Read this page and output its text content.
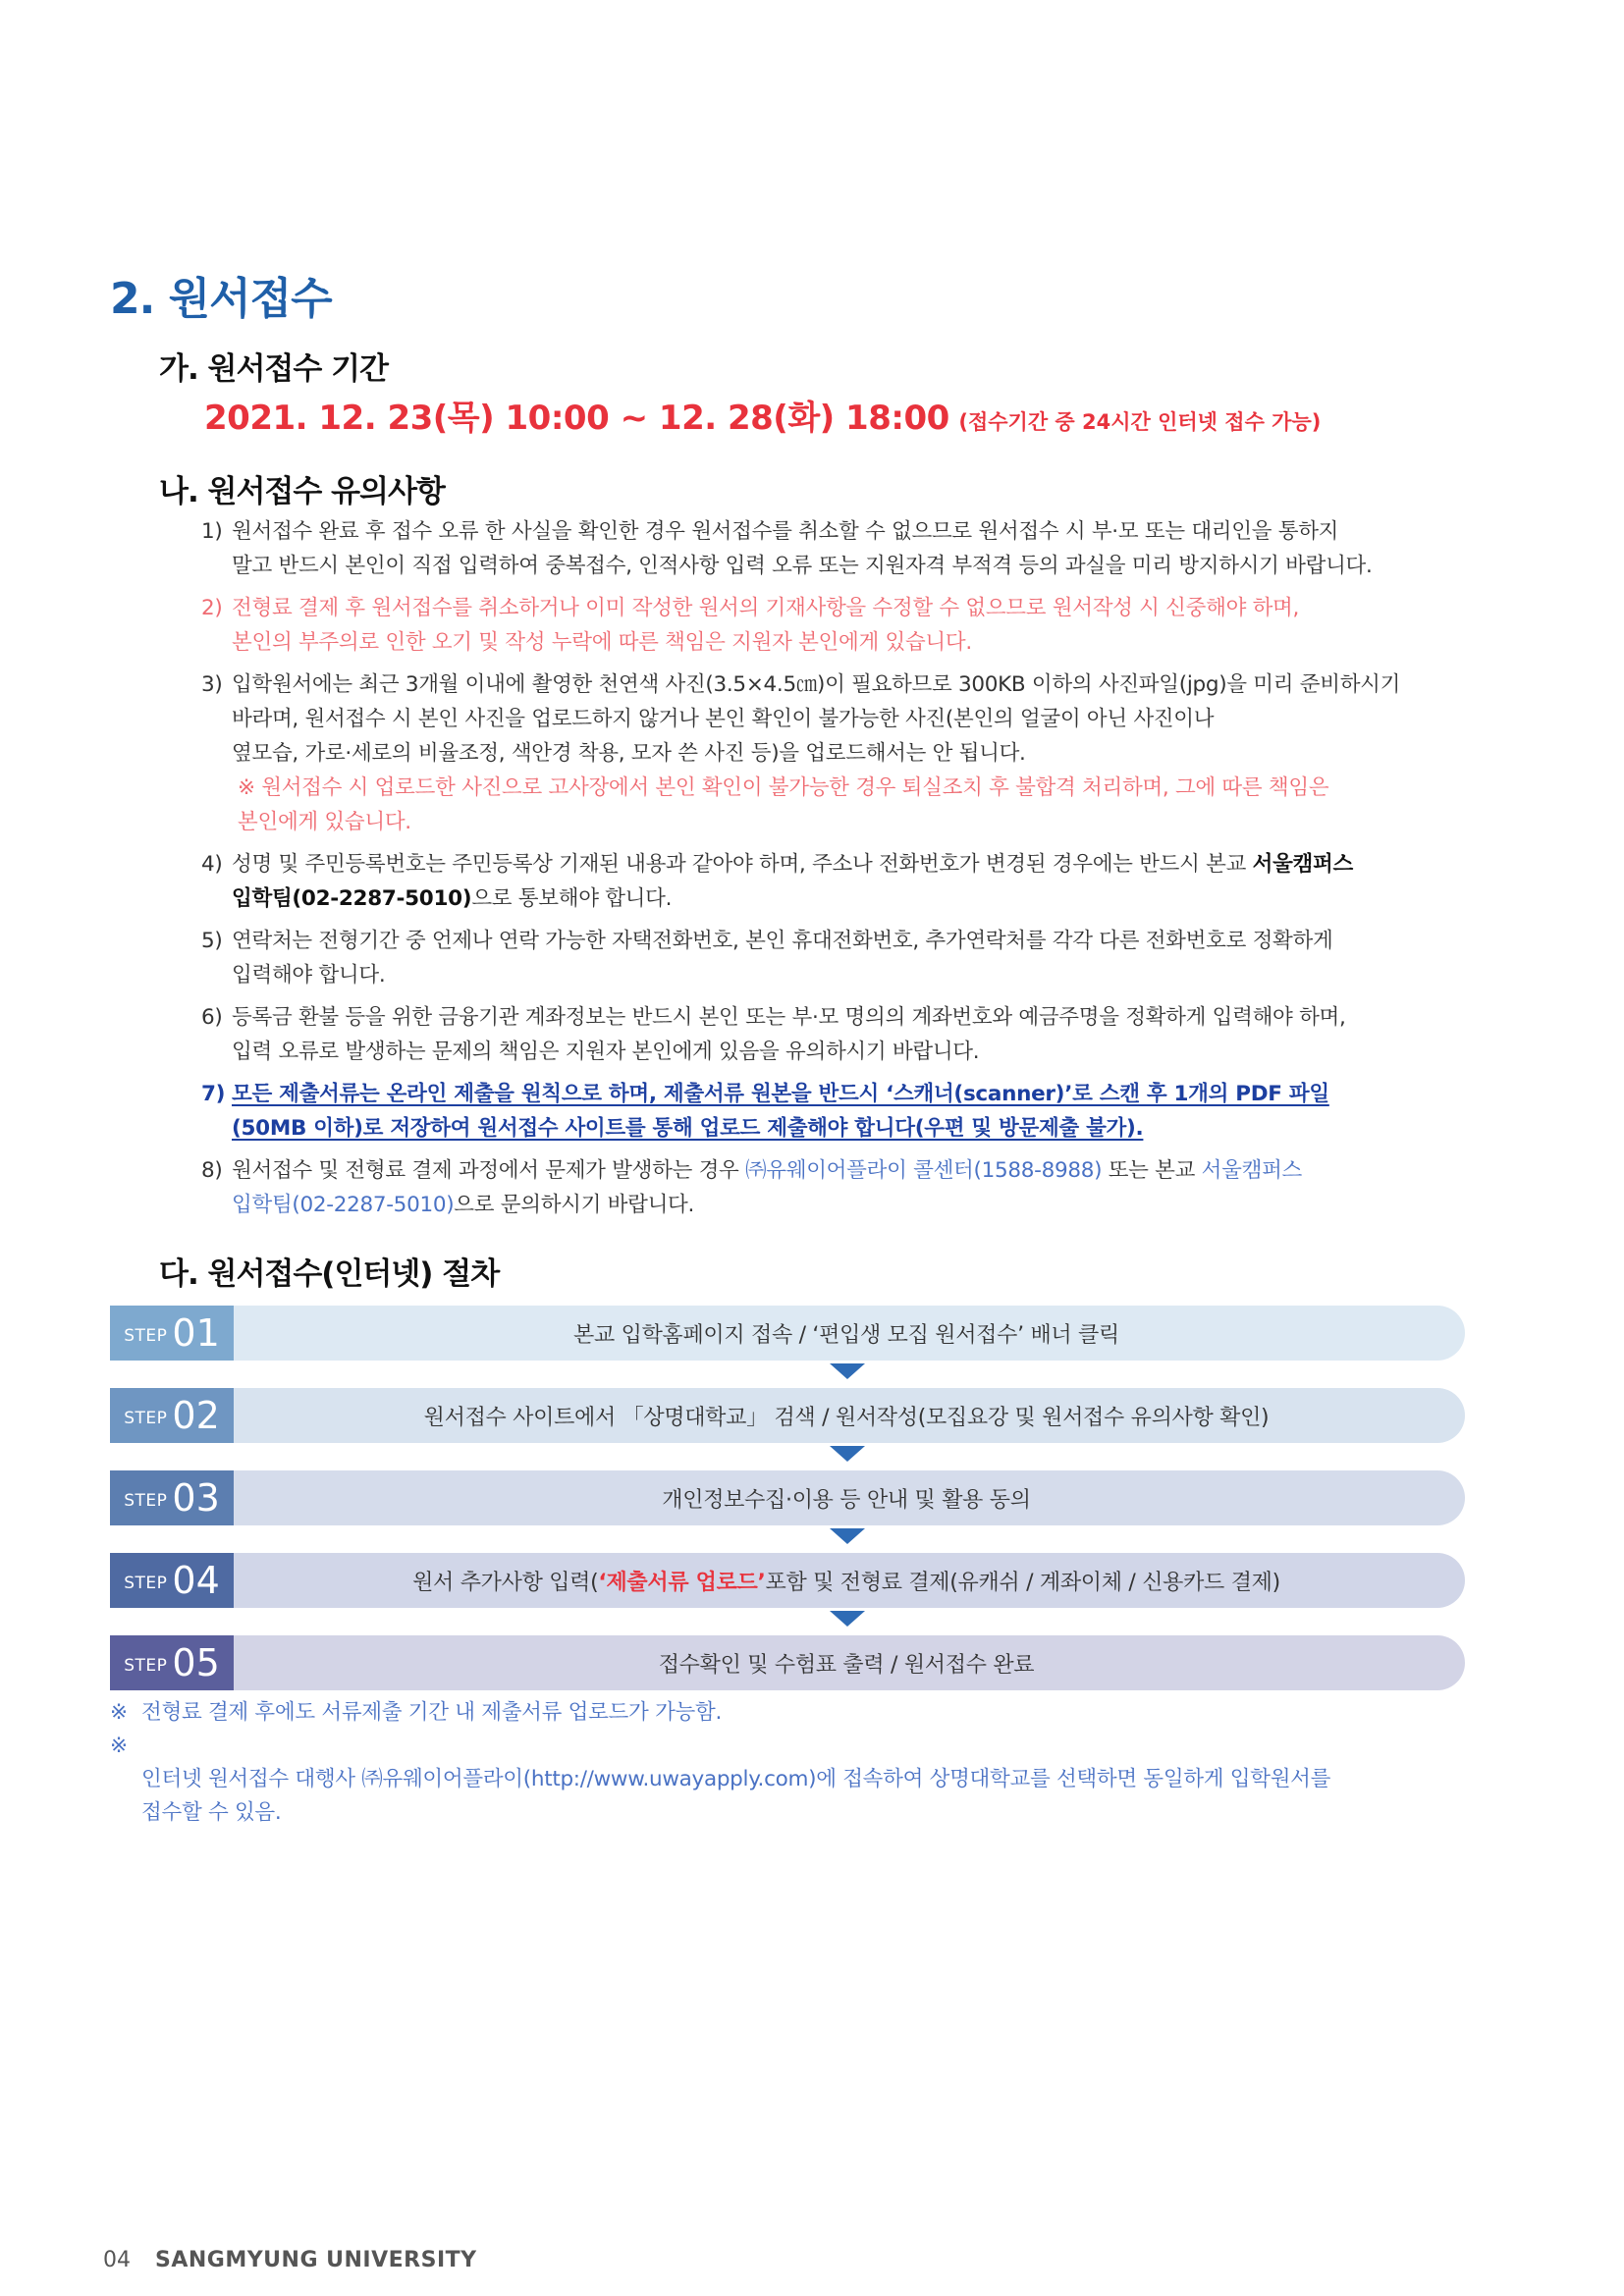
2. 원서접수
가. 원서접수 기간
2021. 12. 23(목) 10:00 ~ 12. 28(화) 18:00 (접수기간 중 24시간 인터넷 접수 가능)
나. 원서접수 유의사항
1) 원서접수 완료 후 접수 오류 한 사실을 확인한 경우 원서접수를 취소할 수 없으므로 원서접수 시 부·모 또는 대리인을 통하지
말고 반드시 본인이 직접 입력하여 중복접수, 인적사항 입력 오류 또는 지원자격 부적격 등의 과실을 미리 방지하시기 바랍니다.
2) 전형료 결제 후 원서접수를 취소하거나 이미 작성한 원서의 기재사항을 수정할 수 없으므로 원서작성 시 신중해야 하며,
본인의 부주의로 인한 오기 및 작성 누락에 따른 책임은 지원자 본인에게 있습니다.
3) 입학원서에는 최근 3개월 이내에 촬영한 천연색 사진(3.5×4.5㎝)이 필요하므로 300KB 이하의 사진파일(jpg)을 미리 준비하시기
바라며, 원서접수 시 본인 사진을 업로드하지 않거나 본인 확인이 불가능한 사진(본인의 얼굴이 아닌 사진이나
옆모습, 가로·세로의 비율조정, 색안경 착용, 모자 쓴 사진 등)을 업로드해서는 안 됩니다.
※ 원서접수 시 업로드한 사진으로 고사장에서 본인 확인이 불가능한 경우 퇴실조치 후 불합격 처리하며, 그에 따른 책임은
본인에게 있습니다.
4) 성명 및 주민등록번호는 주민등록상 기재된 내용과 같아야 하며, 주소나 전화번호가 변경된 경우에는 반드시 본교 서울캠퍼스
입학팀(02-2287-5010)으로 통보해야 합니다.
5) 연락처는 전형기간 중 언제나 연락 가능한 자택전화번호, 본인 휴대전화번호, 추가연락처를 각각 다른 전화번호로 정확하게
입력해야 합니다.
6) 등록금 환불 등을 위한 금융기관 계좌정보는 반드시 본인 또는 부·모 명의의 계좌번호와 예금주명을 정확하게 입력해야 하며,
입력 오류로 발생하는 문제의 책임은 지원자 본인에게 있음을 유의하시기 바랍니다.
7) 모든 제출서류는 온라인 제출을 원칙으로 하며, 제출서류 원본을 반드시 ‘스캐너(scanner)’로 스캔 후 1개의 PDF 파일
(50MB 이하)로 저장하여 원서접수 사이트를 통해 업로드 제출해야 합니다(우편 및 방문제출 불가).
8) 원서접수 및 전형료 결제 과정에서 문제가 발생하는 경우 ㈜유웨이어플라이 콜센터(1588-8988) 또는 본교 서울캠퍼스
입학팀(02-2287-5010)으로 문의하시기 바랍니다.
다. 원서접수(인터넷) 절차
STEP 01	본교 입학홈페이지 접속 / ‘편입생 모집 원서접수’ 배너 클릭
STEP 02	원서접수 사이트에서 「상명대학교」 검색 / 원서작성(모집요강 및 원서접수 유의사항 확인)
STEP 03	개인정보수집·이용 등 안내 및 활용 동의
STEP 04	원서 추가사항 입력( ‘제출서류 업로드’ 포함 및 전형료 결제(유캐쉬 / 계좌이체 / 신용카드 결제)
STEP 05	접수확인 및 수험표 출력 / 원서접수 완료
※ 전형료 결제 후에도 서류제출 기간 내 제출서류 업로드가 가능함.

※
인터넷 원서접수 대행사 ㈜유웨이어플라이(http://www.uwayapply.com)에 접속하여 상명대학교를 선택하면 동일하게 입학원서를
접수할 수 있음.

04 SANGMYUNG UNIVERSITY
